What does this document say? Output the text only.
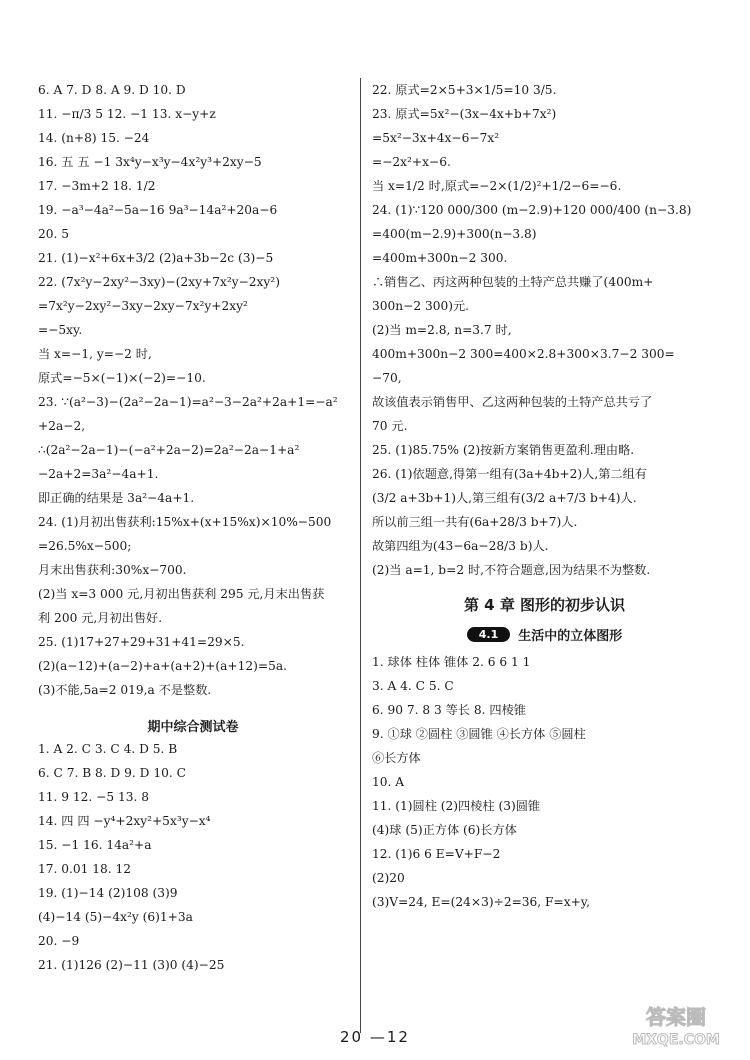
6. A 7. D 8. A 9. D 10. D
11. −π/3 5 12. −1 13. x−y+z
14. (n+8) 15. −24
16. 五 五 −1 3x⁴y−x³y−4x²y³+2xy−5
17. −3m+2 18. 1/2
19. −a³−4a²−5a−16 9a³−14a²+20a−6
20. 5
21. (1)−x²+6x+3/2 (2)a+3b−2c (3)−5
22. (7x²y−2xy²−3xy)−(2xy+7x²y−2xy²)
=7x²y−2xy²−3xy−2xy−7x²y+2xy²
=−5xy.
当 x=−1, y=−2 时,
原式=−5×(−1)×(−2)=−10.
23. ∵(a²−3)−(2a²−2a−1)=a²−3−2a²+2a+1=−a²
+2a−2,
∴(2a²−2a−1)−(−a²+2a−2)=2a²−2a−1+a²
−2a+2=3a²−4a+1.
即正确的结果是 3a²−4a+1.
24. (1)月初出售获利:15%x+(x+15%x)×10%−500
=26.5%x−500;
月末出售获利:30%x−700.
(2)当 x=3 000 元,月初出售获利 295 元,月末出售获
利 200 元,月初出售好.
25. (1)17+27+29+31+41=29×5.
(2)(a−12)+(a−2)+a+(a+2)+(a+12)=5a.
(3)不能,5a=2 019,a 不是整数.
期中综合测试卷
1. A 2. C 3. C 4. D 5. B
6. C 7. B 8. D 9. D 10. C
11. 9 12. −5 13. 8
14. 四 四 −y⁴+2xy²+5x³y−x⁴
15. −1 16. 14a²+a
17. 0.01 18. 12
19. (1)−14 (2)108 (3)9
(4)−14 (5)−4x²y (6)1+3a
20. −9
21. (1)126 (2)−11 (3)0 (4)−25
22. 原式=2×5+3×1/5=10 3/5.
23. 原式=5x²−(3x−4x+b+7x²)
=5x²−3x+4x−6−7x²
=−2x²+x−6.
当 x=1/2 时,原式=−2×(1/2)²+1/2−6=−6.
24. (1)∵120 000/300 (m−2.9)+120 000/400 (n−3.8)
=400(m−2.9)+300(n−3.8)
=400m+300n−2 300.
∴销售乙、丙这两种包装的土特产总共赚了(400m+
300n−2 300)元.
(2)当 m=2.8, n=3.7 时,
400m+300n−2 300=400×2.8+300×3.7−2 300=
−70,
故该值表示销售甲、乙这两种包装的土特产总共亏了
70 元.
25. (1)85.75% (2)按新方案销售更盈利.理由略.
26. (1)依题意,得第一组有(3a+4b+2)人,第二组有
(3/2 a+3b+1)人,第三组有(3/2 a+7/3 b+4)人.
所以前三组一共有(6a+28/3 b+7)人.
故第四组为(43−6a−28/3 b)人.
(2)当 a=1, b=2 时,不符合题意,因为结果不为整数.
第 4 章 图形的初步认识
4.1	生活中的立体图形
1. 球体 柱体 锥体 2. 6 6 1 1
3. A 4. C 5. C
6. 90 7. 8 3 等长 8. 四棱锥
9. ①球 ②圆柱 ③圆锥 ④长方体 ⑤圆柱
⑥长方体
10. A
11. (1)圆柱 (2)四棱柱 (3)圆锥
(4)球 (5)正方体 (6)长方体
12. (1)6 6 E=V+F−2
(2)20
(3)V=24, E=(24×3)÷2=36, F=x+y,
20 —12
答案圈
MXQE.COM
